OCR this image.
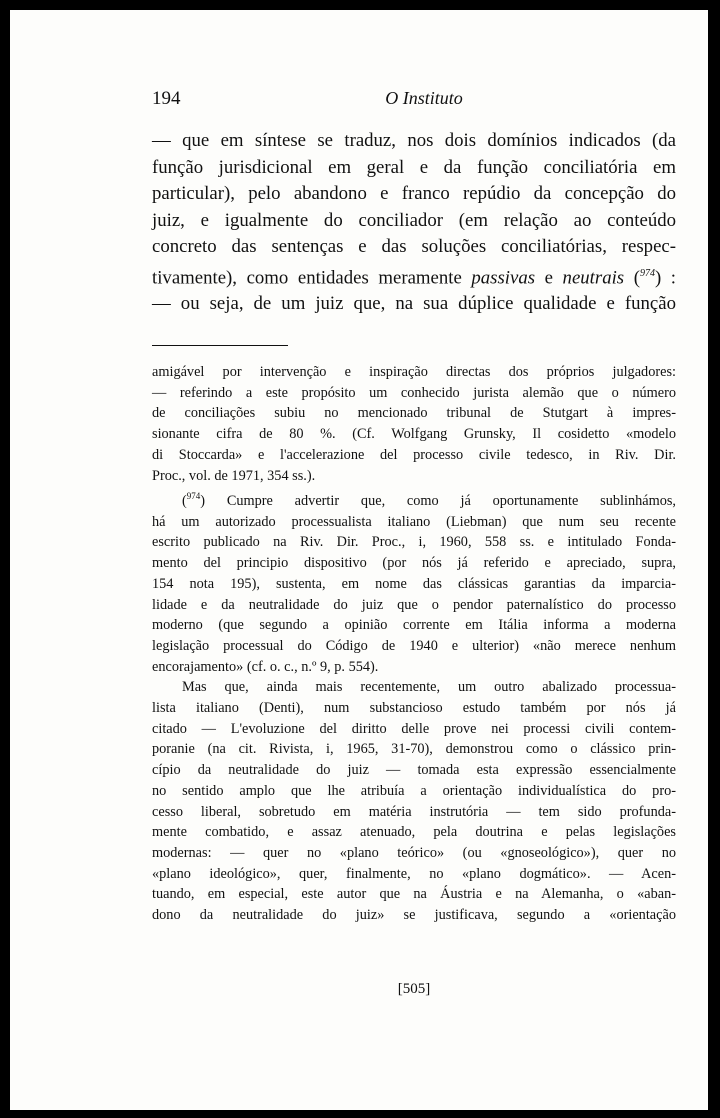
194	O Instituto
— que em síntese se traduz, nos dois domínios indicados (da
função jurisdicional em geral e da função conciliatória em
particular), pelo abandono e franco repúdio da concepção do
juiz, e igualmente do conciliador (em relação ao conteúdo
concreto das sentenças e das soluções conciliatórias, respec-
tivamente), como entidades meramente passivas e neutrais ($^{974}$) :
— ou seja, de um juiz que, na sua dúplice qualidade e função
amigável por intervenção e inspiração directas dos próprios julgadores:
— referindo a este propósito um conhecido jurista alemão que o número
de conciliações subiu no mencionado tribunal de Stutgart à impres-
sionante cifra de 80 %. (Cf. Wolfgang Grunsky, Il cosidetto «modelo
di Stoccarda» e l'accelerazione del processo civile tedesco, in Riv. Dir.
Proc., vol. de 1971, 354 ss.).
($^{974}$) Cumpre advertir que, como já oportunamente sublinhámos,
há um autorizado processualista italiano (Liebman) que num seu recente
escrito publicado na Riv. Dir. Proc., i, 1960, 558 ss. e intitulado Fonda-
mento del principio dispositivo (por nós já referido e apreciado, supra,
154 nota 195), sustenta, em nome das clássicas garantias da imparcia-
lidade e da neutralidade do juiz que o pendor paternalístico do processo
moderno (que segundo a opinião corrente em Itália informa a moderna
legislação processual do Código de 1940 e ulterior) «não merece nenhum
encorajamento» (cf. o. c., n.º 9, p. 554).
Mas que, ainda mais recentemente, um outro abalizado processua-
lista italiano (Denti), num substancioso estudo também por nós já
citado — L'evoluzione del diritto delle prove nei processi civili contem-
poranie (na cit. Rivista, i, 1965, 31-70), demonstrou como o clássico prin-
cípio da neutralidade do juiz — tomada esta expressão essencialmente
no sentido amplo que lhe atribuía a orientação individualística do pro-
cesso liberal, sobretudo em matéria instrutória — tem sido profunda-
mente combatido, e assaz atenuado, pela doutrina e pelas legislações
modernas: — quer no «plano teórico» (ou «gnoseológico»), quer no
«plano ideológico», quer, finalmente, no «plano dogmático». — Acen-
tuando, em especial, este autor que na Áustria e na Alemanha, o «aban-
dono da neutralidade do juiz» se justificava, segundo a «orientação
[505]
